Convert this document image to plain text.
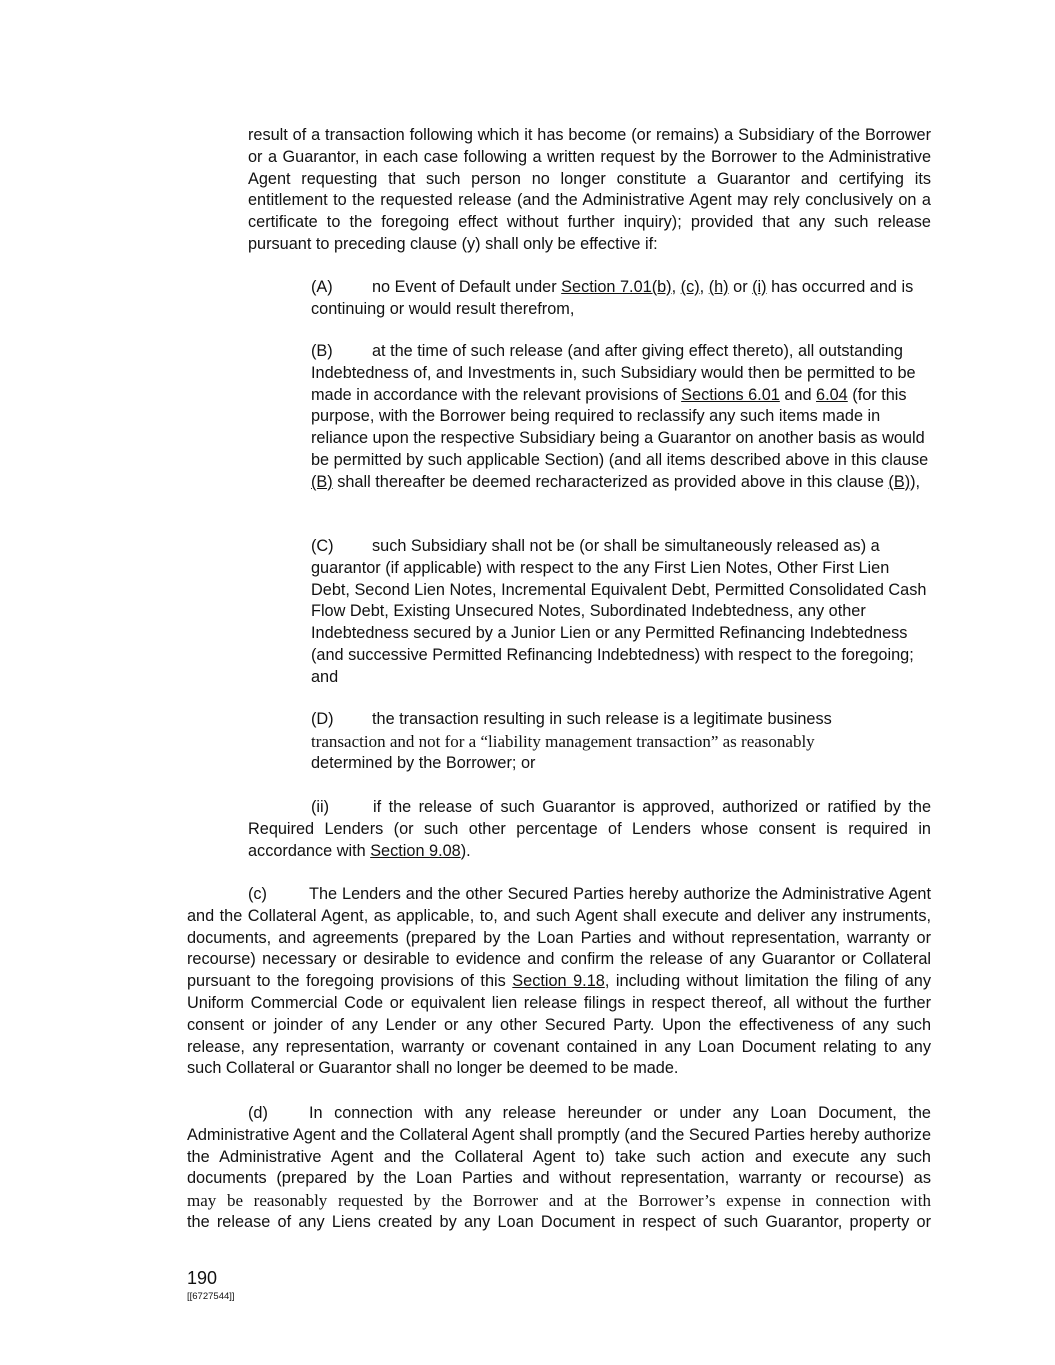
result of a transaction following which it has become (or remains) a Subsidiary of the Borrower or a Guarantor, in each case following a written request by the Borrower to the Administrative Agent requesting that such person no longer constitute a Guarantor and certifying its entitlement to the requested release (and the Administrative Agent may rely conclusively on a certificate to the foregoing effect without further inquiry); provided that any such release pursuant to preceding clause (y) shall only be effective if:

(A) no Event of Default under Section 7.01(b), (c), (h) or (i) has occurred and is continuing or would result therefrom,

(B) at the time of such release (and after giving effect thereto), all outstanding Indebtedness of, and Investments in, such Subsidiary would then be permitted to be made in accordance with the relevant provisions of Sections 6.01 and 6.04 (for this purpose, with the Borrower being required to reclassify any such items made in reliance upon the respective Subsidiary being a Guarantor on another basis as would be permitted by such applicable Section) (and all items described above in this clause (B) shall thereafter be deemed recharacterized as provided above in this clause (B)),

(C) such Subsidiary shall not be (or shall be simultaneously released as) a guarantor (if applicable) with respect to the any First Lien Notes, Other First Lien Debt, Second Lien Notes, Incremental Equivalent Debt, Permitted Consolidated Cash Flow Debt, Existing Unsecured Notes, Subordinated Indebtedness, any other Indebtedness secured by a Junior Lien or any Permitted Refinancing Indebtedness (and successive Permitted Refinancing Indebtedness) with respect to the foregoing; and

(D) the transaction resulting in such release is a legitimate business
transaction and not for a “liability management transaction” as reasonably
determined by the Borrower; or

(ii)	if the release of such Guarantor is approved, authorized or ratified by the Required Lenders (or such other percentage of Lenders whose consent is required in accordance with Section 9.08).

(c)	The Lenders and the other Secured Parties hereby authorize the Administrative Agent and the Collateral Agent, as applicable, to, and such Agent shall execute and deliver any instruments, documents, and agreements (prepared by the Loan Parties and without representation, warranty or recourse) necessary or desirable to evidence and confirm the release of any Guarantor or Collateral pursuant to the foregoing provisions of this Section 9.18, including without limitation the filing of any Uniform Commercial Code or equivalent lien release filings in respect thereof, all without the further consent or joinder of any Lender or any other Secured Party. Upon the effectiveness of any such release, any representation, warranty or covenant contained in any Loan Document relating to any such Collateral or Guarantor shall no longer be deemed to be made.

(d)	In connection with any release hereunder or under any Loan Document, the Administrative Agent and the Collateral Agent shall promptly (and the Secured Parties hereby authorize the Administrative Agent and the Collateral Agent to) take such action and execute any such documents (prepared by the Loan Parties and without representation, warranty or recourse) as
may be reasonably requested by the Borrower and at the Borrower’s expense in connection with
the release of any Liens created by any Loan Document in respect of such Guarantor, property or
190
[[6727544]]
